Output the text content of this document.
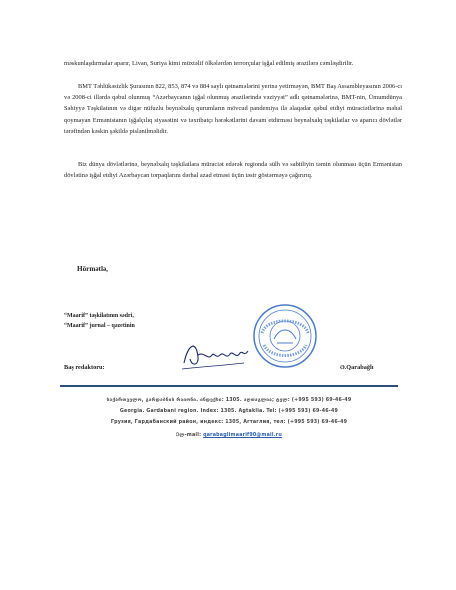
məskunlaşdırmalar aparır, Livan, Suriya kimi müxtəlif ölkələrdən terrorçular işğal edilmiş ərazilərə cəmləşdirilir.
BMT Təhlükəsizlik Şurasının 822, 853, 874 və 884 saylı qətnamələrini yerinə yetirməyən, BMT Baş Assambleyasının 2006-cı və 2008-ci illərdə qəbul olunmuş “Azərbaycanın işğal olunmuş ərazilərində vəziyyət” adlı qətnamələrinə, BMT-nin, Ümumdünya Səhiyyə Təşkilatının və digər nüfuzlu beynəlxalq qurumların mövcud pandemiya ilə əlaqədar qəbul etdiyi müraciətlərinə məhəl qoymayan Ermənistanın işğalçılıq siyasətini və təxribatçı hərəkətlərini davam etdirməsi beynəlxalq təşkilatlar və aparıcı dövlətlər tərəfindən kəskin şəkildə pislənilməlidir.
Biz dünya dövlətlərinə, beynəlxalq təşkilatlara müraciət edərək regionda sülh və sabitliyin təmin olunması üçün Ermənistan dövlətinə işğal etdiyi Azərbaycan torpaqlarını dərhal azad etməsi üçün təsir göstərməyə çağırırıq.
Hörmətlə,
“Maarif” təşkilatının sədri,
“Maarif” jurnal – qəzetinin
Baş redaktoru:	Ə.Qarabağlı
საქართველო, გარდაბნის რაიონი. ინდექსი: 1305. აღთაგლია; ტელ: (+995 593) 69-46-49
Georgia. Gardabani region. Index: 1305. Agtaklia. Tel: (+995 593) 69-46-49
Грузия, Гардабанский район, индекс: 1305, Агтаглия, тел: (+995 593) 69-46-49
Ელ-mail: qarabaglimaarif90@mail.ru
